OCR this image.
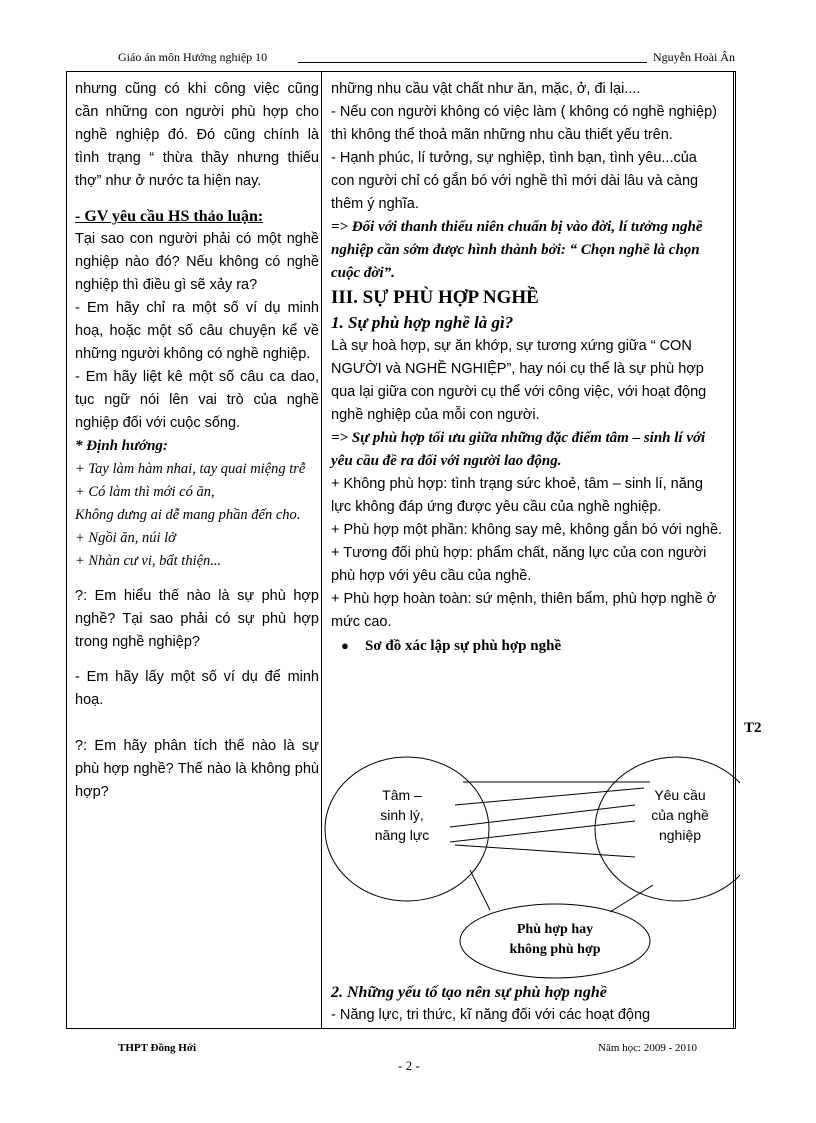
Giáo án môn Hướng nghiệp 10	Nguyễn Hoài Ân

nhưng cũng có khi công việc cũng cần những con người phù hợp cho nghề nghiệp đó. Đó cũng chính là tình trạng “ thừa thầy nhưng thiếu thợ” như ở nước ta hiện nay.

- GV yêu cầu HS thảo luận:

Tại sao con người phải có một nghề nghiệp nào đó? Nếu không có nghề nghiệp thì điều gì sẽ xảy ra?

- Em hãy chỉ ra một số ví dụ minh hoạ, hoặc một số câu chuyện kể về những người không có nghề nghiệp.

- Em hãy liệt kê một số câu ca dao, tục ngữ nói lên vai trò của nghề nghiệp đối với cuộc sống.

* Định hướng:

+ Tay làm hàm nhai, tay quai miệng trễ

+ Có làm thì mới có ăn,

Không dưng ai dễ mang phần đến cho.

+ Ngồi ăn, núi lở

+ Nhàn cư vi, bất thiện...

?: Em hiểu thế nào là sự phù hợp nghề? Tại sao phải có sự phù hợp trong nghề nghiệp?

- Em hãy lấy một số ví dụ để minh hoạ.

?: Em hãy phân tích thế nào là sự phù hợp nghề? Thế nào là không phù hợp?

những nhu cầu vật chất như ăn, mặc, ở, đi lại....

- Nếu con người không có việc làm ( không có nghề nghiệp) thì không thể thoả mãn những nhu cầu thiết yếu trên.

- Hạnh phúc, lí tưởng, sự nghiệp, tình bạn, tình yêu...của con người chỉ có gắn bó với nghề thì mới dài lâu và càng thêm ý nghĩa.

=> Đối với thanh thiếu niên chuẩn bị vào đời, lí tưởng nghề nghiệp cần sớm được hình thành bởi: “ Chọn nghề là chọn cuộc đời”.

III. SỰ PHÙ HỢP NGHỀ

1. Sự phù hợp nghề là gì?

Là sự hoà hợp, sự ăn khớp, sự tương xứng giữa “ CON NGƯỜI và NGHỀ NGHIỆP”, hay nói cụ thể là sự phù hợp qua lại giữa con người cụ thể với công việc, với hoạt động nghề nghiệp của mỗi con người.

=> Sự phù hợp tối ưu giữa những đặc điểm tâm – sinh lí với yêu cầu đề ra đối với người lao động.

+ Không phù hợp: tình trạng sức khoẻ, tâm – sinh lí, năng lực không đáp ứng được yêu cầu của nghề nghiệp.

+ Phù hợp một phần: không say mê, không gắn bó với nghề.

+ Tương đối phù hợp: phẩm chất, năng lực của con người phù hợp với yêu cầu của nghề.

+ Phù hợp hoàn toàn: sứ mệnh, thiên bẩm, phù hợp nghề ở mức cao.

● Sơ đồ xác lập sự phù hợp nghề

2. Những yếu tố tạo nên sự phù hợp nghề

- Năng lực, tri thức, kĩ năng đối với các hoạt động

T2
Tâm –
sinh lý,
năng lực
Yêu cầu
của nghề
nghiệp
Phù hợp hay
không phù hợp
THPT Đồng Hới	Năm học: 2009 - 2010
- 2 -
